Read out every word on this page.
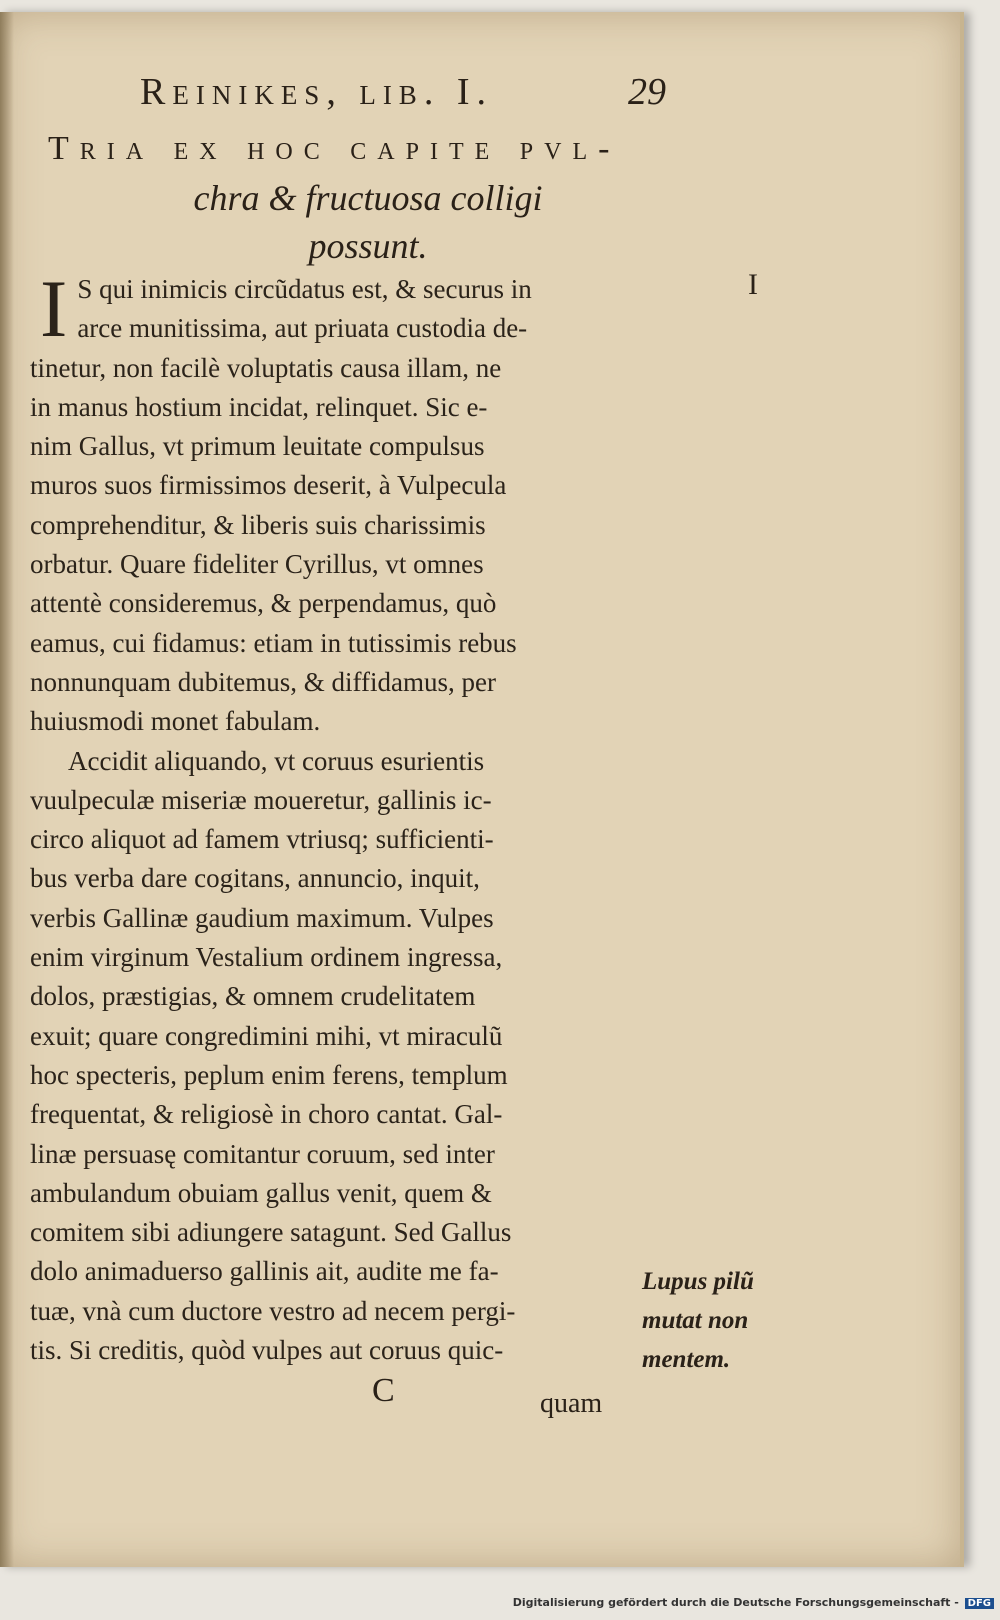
Reinikes, lib. I.	29
Tria ex hoc capite pvl-
chra & fructuosa colligi
possunt.
I
I S qui inimicis circũdatus est, & securus in
arce munitissima, aut priuata custodia de-
tinetur, non facilè voluptatis causa illam, ne
in manus hostium incidat, relinquet. Sic e-
nim Gallus, vt primum leuitate compulsus
muros suos firmissimos deserit, à Vulpecula
comprehenditur, & liberis suis charissimis
orbatur. Quare fideliter Cyrillus, vt omnes
attentè consideremus, & perpendamus, quò
eamus, cui fidamus: etiam in tutissimis rebus
nonnunquam dubitemus, & diffidamus, per
huiusmodi monet fabulam.
Accidit aliquando, vt coruus esurientis
vuulpeculæ miseriæ moueretur, gallinis ic-
circo aliquot ad famem vtriusq; sufficienti-
bus verba dare cogitans, annuncio, inquit,
verbis Gallinæ gaudium maximum. Vulpes
enim virginum Vestalium ordinem ingressa,
dolos, præstigias, & omnem crudelitatem
exuit; quare congredimini mihi, vt miraculũ
hoc specteris, peplum enim ferens, templum
frequentat, & religiosè in choro cantat. Gal-
linæ persuasę comitantur coruum, sed inter
ambulandum obuiam gallus venit, quem &
comitem sibi adiungere satagunt. Sed Gallus
dolo animaduerso gallinis ait, audite me fa-
tuæ, vnà cum ductore vestro ad necem pergi-
tis. Si creditis, quòd vulpes aut coruus quic-
Lupus pilũ
mutat non
mentem.
C	quam
Digitalisierung gefördert durch die Deutsche Forschungsgemeinschaft - DFG
